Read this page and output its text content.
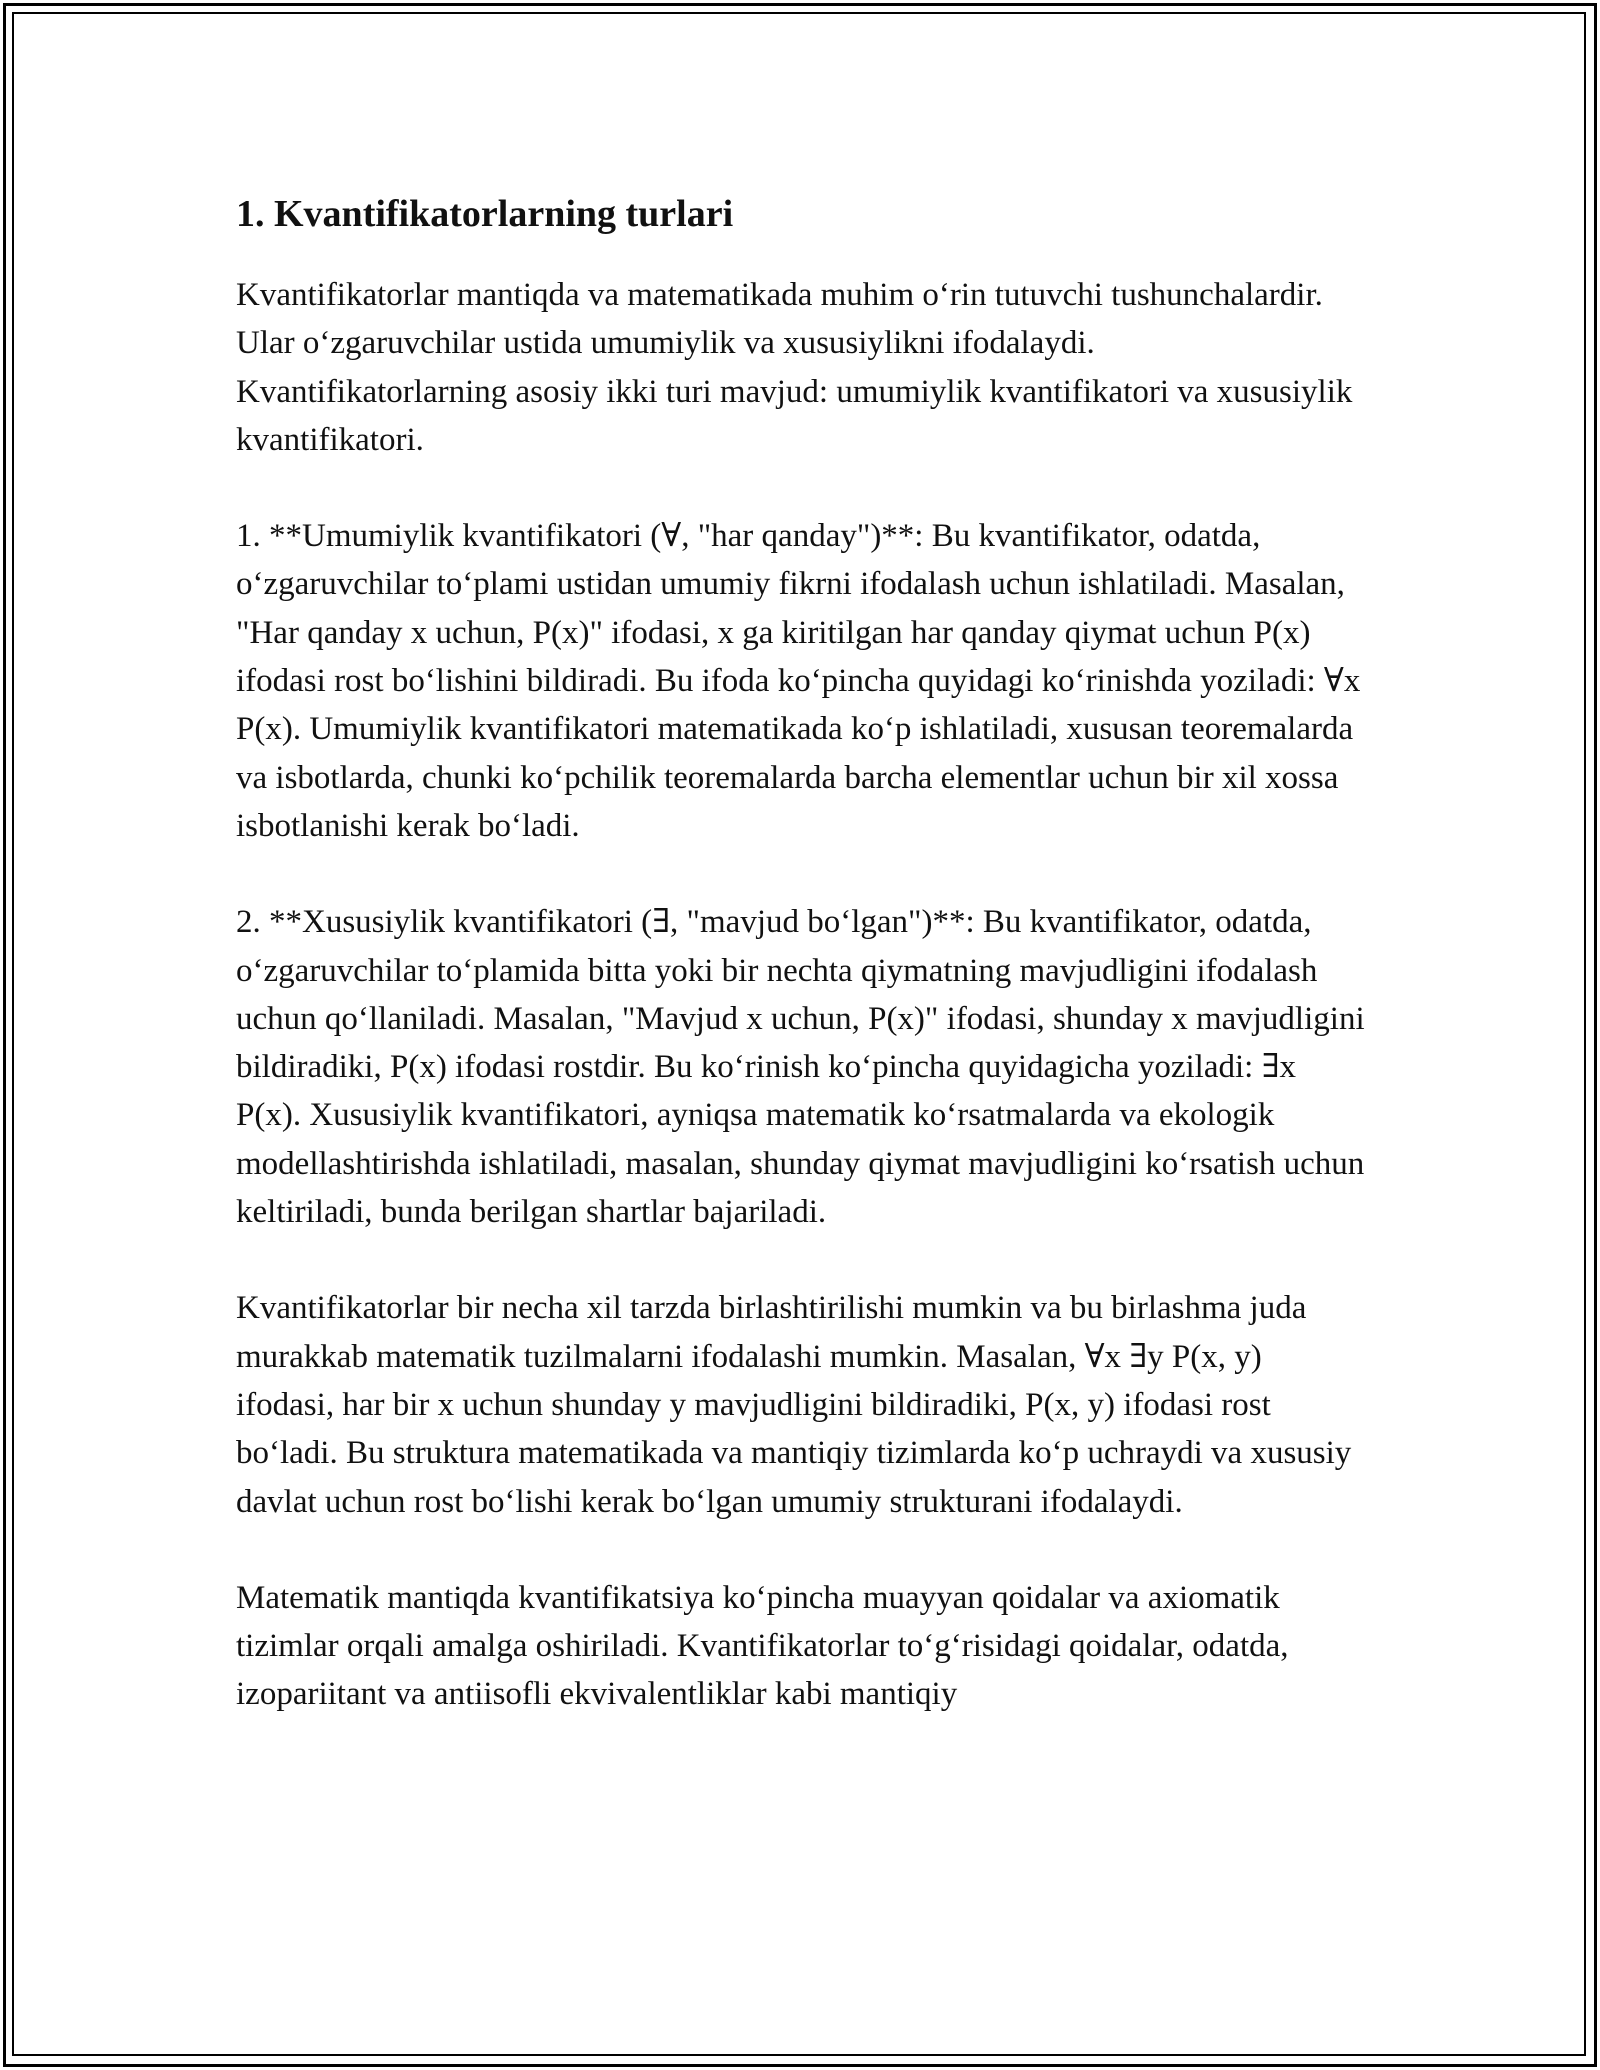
1. Kvantifikatorlarning turlari

Kvantifikatorlar mantiqda va matematikada muhim o‘rin tutuvchi tushunchalardir. Ular o‘zgaruvchilar ustida umumiylik va xususiylikni ifodalaydi. Kvantifikatorlarning asosiy ikki turi mavjud: umumiylik kvantifikatori va xususiylik kvantifikatori.

1. **Umumiylik kvantifikatori (∀, "har qanday")**: Bu kvantifikator, odatda, o‘zgaruvchilar to‘plami ustidan umumiy fikrni ifodalash uchun ishlatiladi. Masalan, "Har qanday x uchun, P(x)" ifodasi, x ga kiritilgan har qanday qiymat uchun P(x) ifodasi rost bo‘lishini bildiradi. Bu ifoda ko‘pincha quyidagi ko‘rinishda yoziladi: ∀x P(x). Umumiylik kvantifikatori matematikada ko‘p ishlatiladi, xususan teoremalarda va isbotlarda, chunki ko‘pchilik teoremalarda barcha elementlar uchun bir xil xossa isbotlanishi kerak bo‘ladi.

2. **Xususiylik kvantifikatori (∃, "mavjud bo‘lgan")**: Bu kvantifikator, odatda, o‘zgaruvchilar to‘plamida bitta yoki bir nechta qiymatning mavjudligini ifodalash uchun qo‘llaniladi. Masalan, "Mavjud x uchun, P(x)" ifodasi, shunday x mavjudligini bildiradiki, P(x) ifodasi rostdir. Bu ko‘rinish ko‘pincha quyidagicha yoziladi: ∃x P(x). Xususiylik kvantifikatori, ayniqsa matematik ko‘rsatmalarda va ekologik modellashtirishda ishlatiladi, masalan, shunday qiymat mavjudligini ko‘rsatish uchun keltiriladi, bunda berilgan shartlar bajariladi.

Kvantifikatorlar bir necha xil tarzda birlashtirilishi mumkin va bu birlashma juda murakkab matematik tuzilmalarni ifodalashi mumkin. Masalan, ∀x ∃y P(x, y) ifodasi, har bir x uchun shunday y mavjudligini bildiradiki, P(x, y) ifodasi rost bo‘ladi. Bu struktura matematikada va mantiqiy tizimlarda ko‘p uchraydi va xususiy davlat uchun rost bo‘lishi kerak bo‘lgan umumiy strukturani ifodalaydi.

Matematik mantiqda kvantifikatsiya ko‘pincha muayyan qoidalar va axiomatik tizimlar orqali amalga oshiriladi. Kvantifikatorlar to‘g‘risidagi qoidalar, odatda, izopariitant va antiisofli ekvivalentliklar kabi mantiqiy
